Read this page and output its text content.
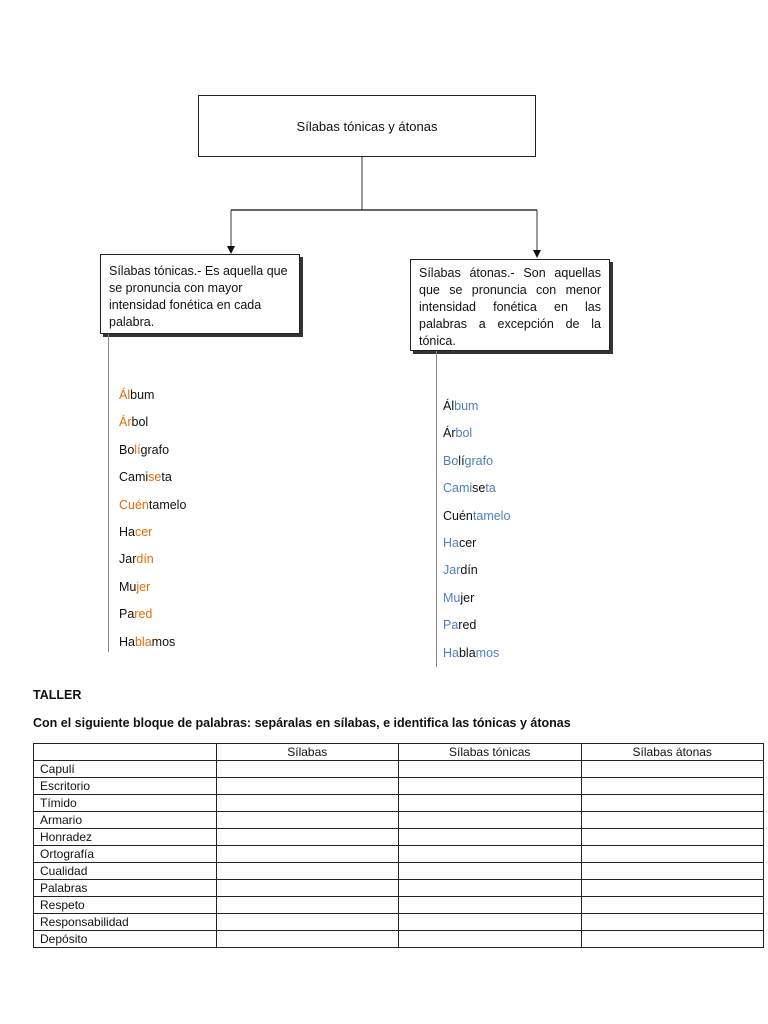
Sílabas tónicas y átonas
Sílabas tónicas.- Es aquella que se pronuncia con mayor intensidad fonética en cada palabra.
Sílabas átonas.- Son aquellas que se pronuncia con menor intensidad fonética en las palabras a excepción de la tónica.
Álbum
Árbol
Bolígrafo
Camiseta
Cuéntamelo
Hacer
Jardín
Mujer
Pared
Hablamos
Álbum
Árbol
Bolígrafo
Camiseta
Cuéntamelo
Hacer
Jardín
Mujer
Pared
Hablamos
TALLER
Con el siguiente bloque de palabras: sepáralas en sílabas, e identifica las tónicas y átonas
	Sílabas	Sílabas tónicas	Sílabas átonas
Capulí			
Escritorio			
Tímido			
Armario			
Honradez			
Ortografía			
Cualidad			
Palabras			
Respeto			
Responsabilidad			
Depósito			
